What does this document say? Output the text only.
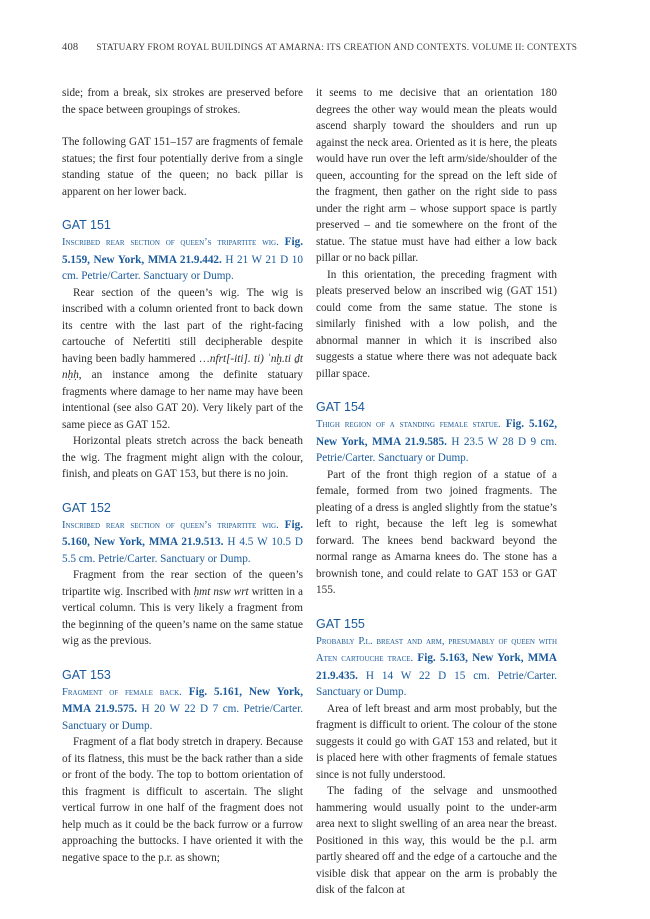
408 STATUARY FROM ROYAL BUILDINGS AT AMARNA: ITS CREATION AND CONTEXTS. VOLUME II: CONTEXTS

side; from a break, six strokes are preserved before the space between groupings of strokes.

The following GAT 151–157 are fragments of female statues; the first four potentially derive from a single standing statue of the queen; no back pillar is apparent on her lower back.

GAT 151

Inscribed rear section of queen’s tripartite wig. Fig. 5.159, New York, MMA 21.9.442. H 21 W 21 D 10 cm. Petrie/Carter. Sanctuary or Dump.

Rear section of the queen’s wig. The wig is inscribed with a column oriented front to back down its centre with the last part of the right-facing cartouche of Nefertiti still decipherable despite having been badly hammered …nfrt[-iti]. ti) ʿnḫ.ti ḏt nḥḥ, an instance among the definite statuary fragments where damage to her name may have been intentional (see also GAT 20). Very likely part of the same piece as GAT 152.

Horizontal pleats stretch across the back beneath the wig. The fragment might align with the colour, finish, and pleats on GAT 153, but there is no join.

GAT 152

Inscribed rear section of queen’s tripartite wig. Fig. 5.160, New York, MMA 21.9.513. H 4.5 W 10.5 D 5.5 cm. Petrie/Carter. Sanctuary or Dump.

Fragment from the rear section of the queen’s tripartite wig. Inscribed with ḥmt nsw wrt written in a vertical column. This is very likely a fragment from the beginning of the queen’s name on the same statue wig as the previous.

GAT 153

Fragment of female back. Fig. 5.161, New York, MMA 21.9.575. H 20 W 22 D 7 cm. Petrie/Carter. Sanctuary or Dump.

Fragment of a flat body stretch in drapery. Because of its flatness, this must be the back rather than a side or front of the body. The top to bottom orientation of this fragment is difficult to ascertain. The slight vertical furrow in one half of the fragment does not help much as it could be the back furrow or a furrow approaching the buttocks. I have oriented it with the negative space to the p.r. as shown;

it seems to me decisive that an orientation 180 degrees the other way would mean the pleats would ascend sharply toward the shoulders and run up against the neck area. Oriented as it is here, the pleats would have run over the left arm/side/shoulder of the queen, accounting for the spread on the left side of the fragment, then gather on the right side to pass under the right arm – whose support space is partly preserved – and tie somewhere on the front of the statue. The statue must have had either a low back pillar or no back pillar.

In this orientation, the preceding fragment with pleats preserved below an inscribed wig (GAT 151) could come from the same statue. The stone is similarly finished with a low polish, and the abnormal manner in which it is inscribed also suggests a statue where there was not adequate back pillar space.

GAT 154

Thigh region of a standing female statue. Fig. 5.162, New York, MMA 21.9.585. H 23.5 W 28 D 9 cm. Petrie/Carter. Sanctuary or Dump.

Part of the front thigh region of a statue of a female, formed from two joined fragments. The pleating of a dress is angled slightly from the statue’s left to right, because the left leg is somewhat forward. The knees bend backward beyond the normal range as Amarna knees do. The stone has a brownish tone, and could relate to GAT 153 or GAT 155.

GAT 155

Probably P.l. breast and arm, presumably of queen with Aten cartouche trace. Fig. 5.163, New York, MMA 21.9.435. H 14 W 22 D 15 cm. Petrie/Carter. Sanctuary or Dump.

Area of left breast and arm most probably, but the fragment is difficult to orient. The colour of the stone suggests it could go with GAT 153 and related, but it is placed here with other fragments of female statues since is not fully understood.

The fading of the selvage and unsmoothed hammering would usually point to the under-arm area next to slight swelling of an area near the breast. Positioned in this way, this would be the p.l. arm partly sheared off and the edge of a cartouche and the visible disk that appear on the arm is probably the disk of the falcon at
